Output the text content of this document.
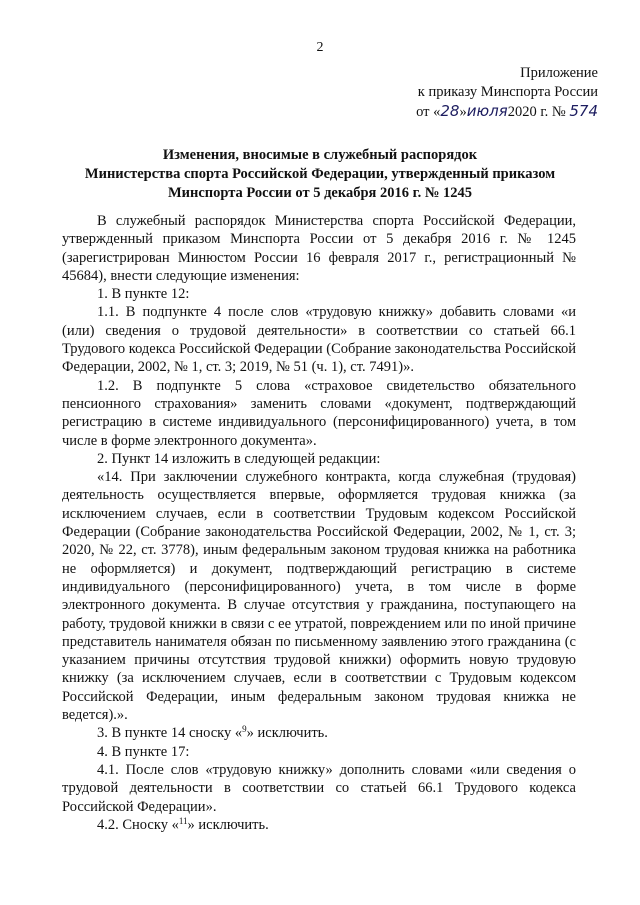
2
Приложение
к приказу Минспорта России
от «28»июля2020 г. № 574
Изменения, вносимые в служебный распорядок
Министерства спорта Российской Федерации, утвержденный приказом
Минспорта России от 5 декабря 2016 г. № 1245

В служебный распорядок Министерства спорта Российской Федерации, утвержденный приказом Минспорта России от 5 декабря 2016 г. № 1245 (зарегистрирован Минюстом России 16 февраля 2017 г., регистрационный № 45684), внести следующие изменения:

1. В пункте 12:

1.1. В подпункте 4 после слов «трудовую книжку» добавить словами «и (или) сведения о трудовой деятельности» в соответствии со статьей 66.1 Трудового кодекса Российской Федерации (Собрание законодательства Российской Федерации, 2002, № 1, ст. 3; 2019, № 51 (ч. 1), ст. 7491)».

1.2. В подпункте 5 слова «страховое свидетельство обязательного пенсионного страхования» заменить словами «документ, подтверждающий регистрацию в системе индивидуального (персонифицированного) учета, в том числе в форме электронного документа».

2. Пункт 14 изложить в следующей редакции:

«14. При заключении служебного контракта, когда служебная (трудовая) деятельность осуществляется впервые, оформляется трудовая книжка (за исключением случаев, если в соответствии Трудовым кодексом Российской Федерации (Собрание законодательства Российской Федерации, 2002, № 1, ст. 3; 2020, № 22, ст. 3778), иным федеральным законом трудовая книжка на работника не оформляется) и документ, подтверждающий регистрацию в системе индивидуального (персонифицированного) учета, в том числе в форме электронного документа. В случае отсутствия у гражданина, поступающего на работу, трудовой книжки в связи с ее утратой, повреждением или по иной причине представитель нанимателя обязан по письменному заявлению этого гражданина (с указанием причины отсутствия трудовой книжки) оформить новую трудовую книжку (за исключением случаев, если в соответствии с Трудовым кодексом Российской Федерации, иным федеральным законом трудовая книжка не ведется).».

3. В пункте 14 сноску «$^9$» исключить.

4. В пункте 17:

4.1. После слов «трудовую книжку» дополнить словами «или сведения о трудовой деятельности в соответствии со статьей 66.1 Трудового кодекса Российской Федерации».

4.2. Сноску «$^{11}$» исключить.
